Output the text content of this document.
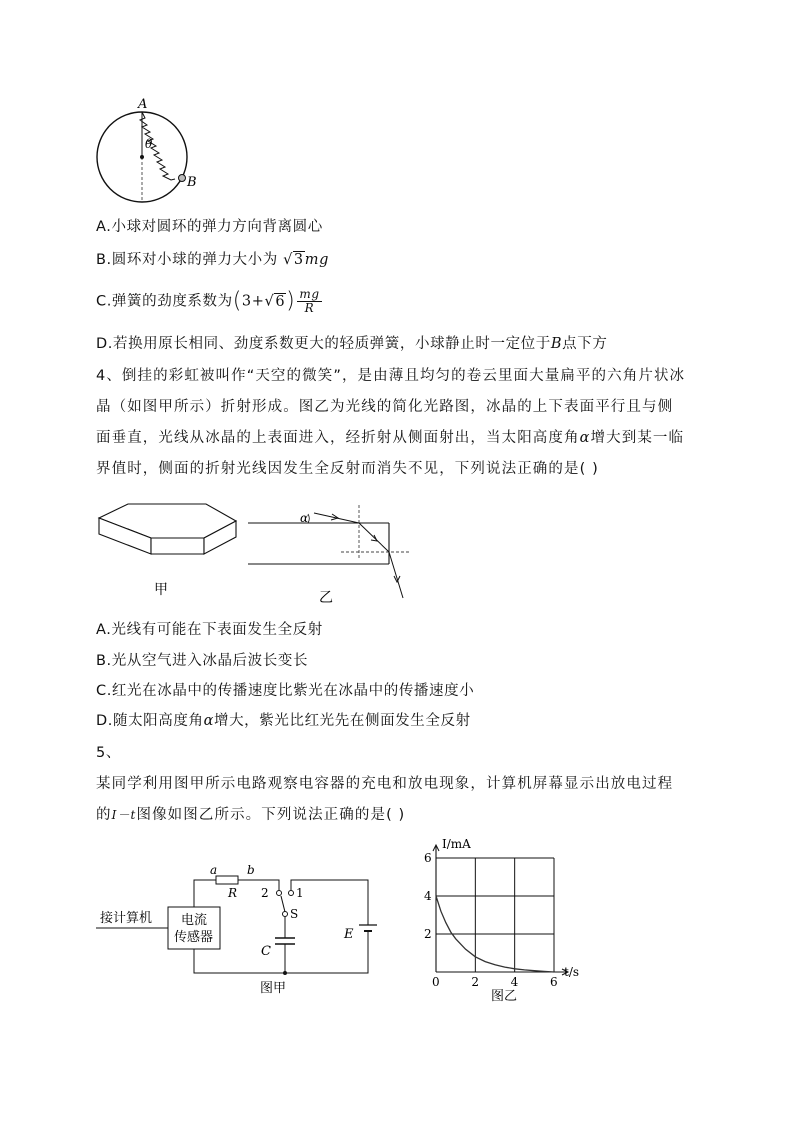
A
θ
B
A.小球对圆环的弹力方向背离圆心
B.圆环对小球的弹力大小为 √3mg
C.弹簧的劲度系数为$(3+√6) \frac{mg}{R}$
D.若换用原长相同、劲度系数更大的轻质弹簧，小球静止时一定位于B点下方
4、倒挂的彩虹被叫作“天空的微笑”，是由薄且均匀的卷云里面大量扁平的六角片状冰
晶（如图甲所示）折射形成。图乙为光线的简化光路图，冰晶的上下表面平行且与侧
面垂直，光线从冰晶的上表面进入，经折射从侧面射出，当太阳高度角α增大到某一临
界值时，侧面的折射光线因发生全反射而消失不见，下列说法正确的是( )
甲
α
乙
A.光线有可能在下表面发生全反射
B.光从空气进入冰晶后波长变长
C.红光在冰晶中的传播速度比紫光在冰晶中的传播速度小
D.随太阳高度角α增大，紫光比红光先在侧面发生全反射
5、
某同学利用图甲所示电路观察电容器的充电和放电现象，计算机屏幕显示出放电过程
的I－t图像如图乙所示。下列说法正确的是( )
接计算机 电流
传感器
a b
R 2 1
S
E
C
图甲	0	2	4	6
2
4
6
I/mA
t/s
图乙
